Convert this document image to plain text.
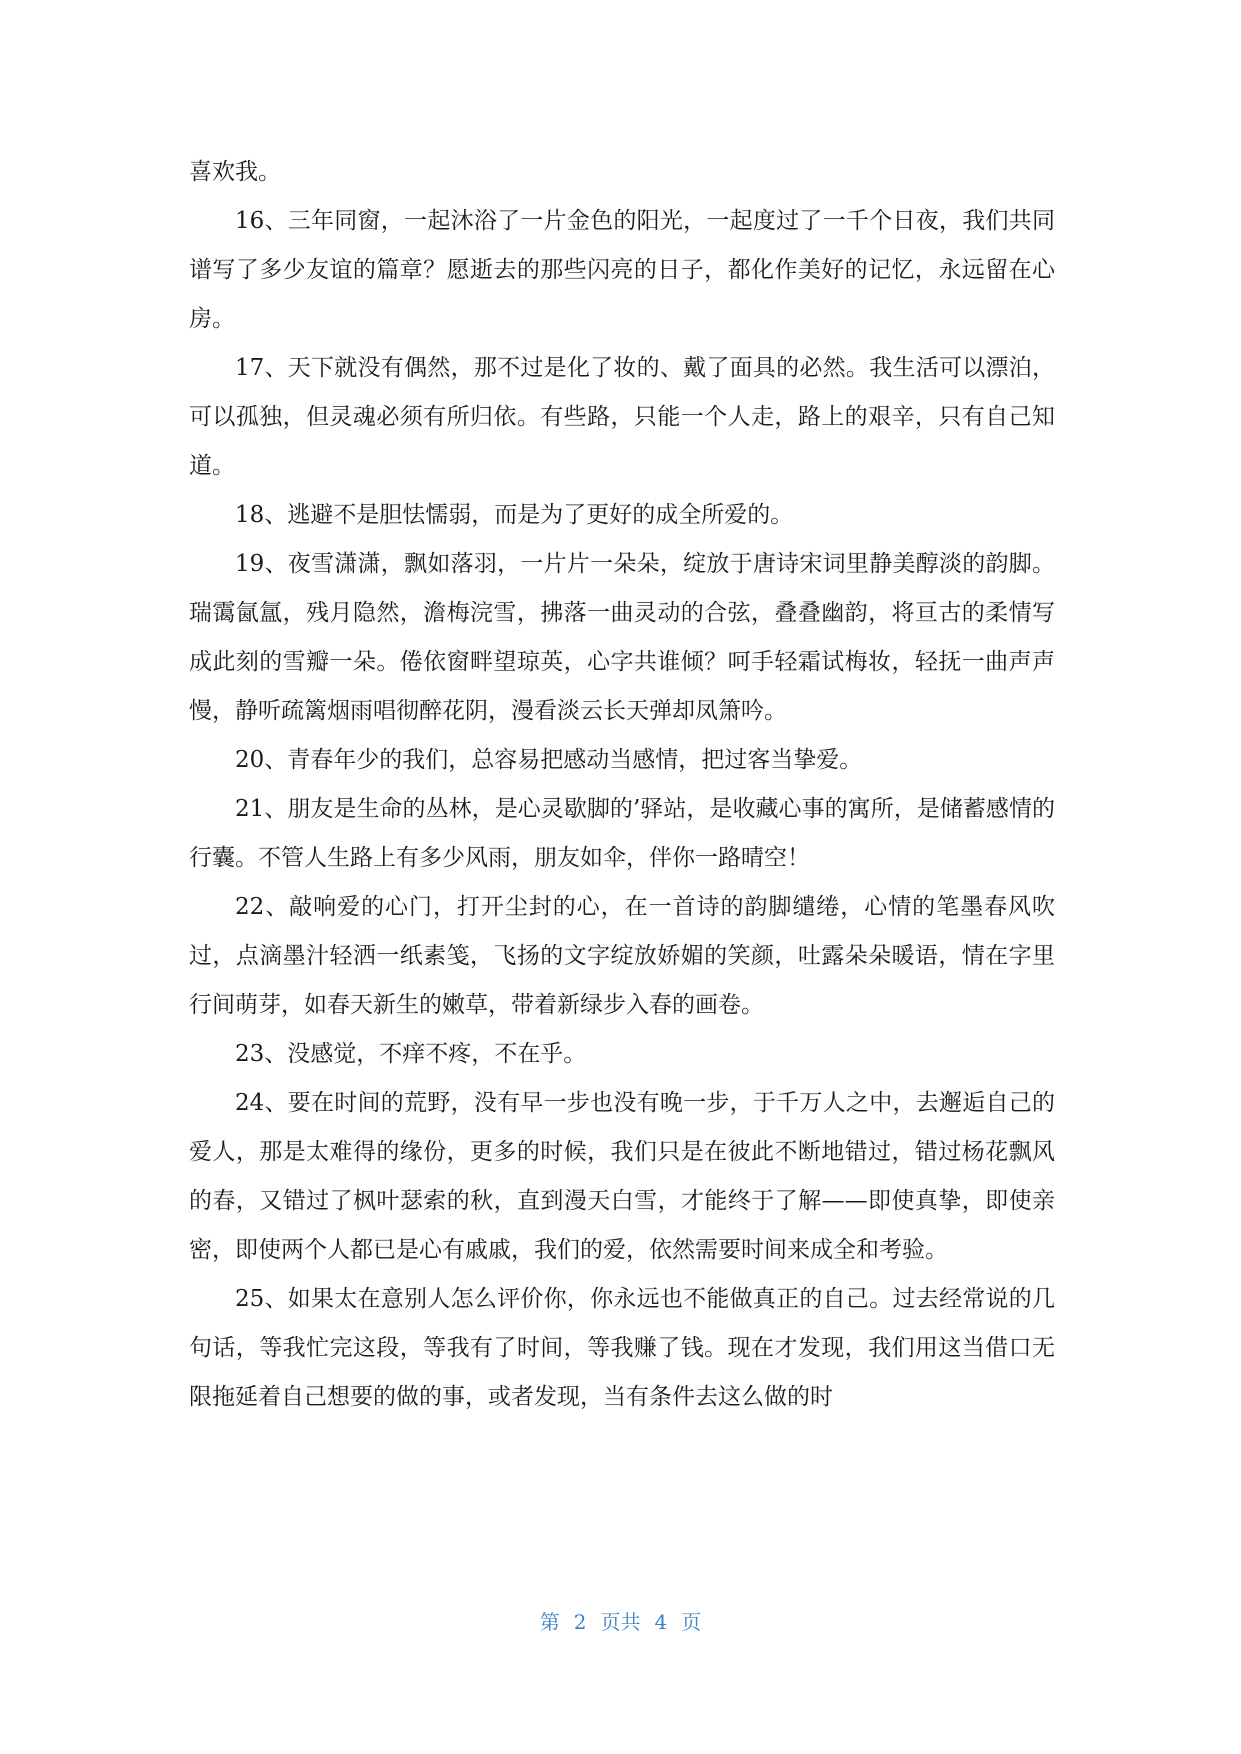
喜欢我。

16、三年同窗，一起沐浴了一片金色的阳光，一起度过了一千个日夜，我们共同谱写了多少友谊的篇章？愿逝去的那些闪亮的日子，都化作美好的记忆，永远留在心房。

17、天下就没有偶然，那不过是化了妆的、戴了面具的必然。我生活可以漂泊，可以孤独，但灵魂必须有所归依。有些路，只能一个人走，路上的艰辛，只有自己知道。

18、逃避不是胆怯懦弱，而是为了更好的成全所爱的。

19、夜雪潇潇，飘如落羽，一片片一朵朵，绽放于唐诗宋词里静美醇淡的韵脚。瑞霭氤氲，残月隐然，澹梅浣雪，拂落一曲灵动的合弦，叠叠幽韵，将亘古的柔情写成此刻的雪瓣一朵。倦依窗畔望琼英，心字共谁倾？呵手轻霜试梅妆，轻抚一曲声声慢，静听疏篱烟雨唱彻醉花阴，漫看淡云长天弹却凤箫吟。

20、青春年少的我们，总容易把感动当感情，把过客当挚爱。

21、朋友是生命的丛林，是心灵歇脚的’驿站，是收藏心事的寓所，是储蓄感情的行囊。不管人生路上有多少风雨，朋友如伞，伴你一路晴空！

22、敲响爱的心门，打开尘封的心，在一首诗的韵脚缱绻，心情的笔墨春风吹过，点滴墨汁轻洒一纸素笺，飞扬的文字绽放娇媚的笑颜，吐露朵朵暖语，情在字里行间萌芽，如春天新生的嫩草，带着新绿步入春的画卷。

23、没感觉，不痒不疼，不在乎。

24、要在时间的荒野，没有早一步也没有晚一步，于千万人之中，去邂逅自己的爱人，那是太难得的缘份，更多的时候，我们只是在彼此不断地错过，错过杨花飘风的春，又错过了枫叶瑟索的秋，直到漫天白雪，才能终于了解——即使真挚，即使亲密，即使两个人都已是心有戚戚，我们的爱，依然需要时间来成全和考验。

25、如果太在意别人怎么评价你，你永远也不能做真正的自己。过去经常说的几句话，等我忙完这段，等我有了时间，等我赚了钱。现在才发现，我们用这当借口无限拖延着自己想要的做的事，或者发现，当有条件去这么做的时

第 2 页共 4 页
